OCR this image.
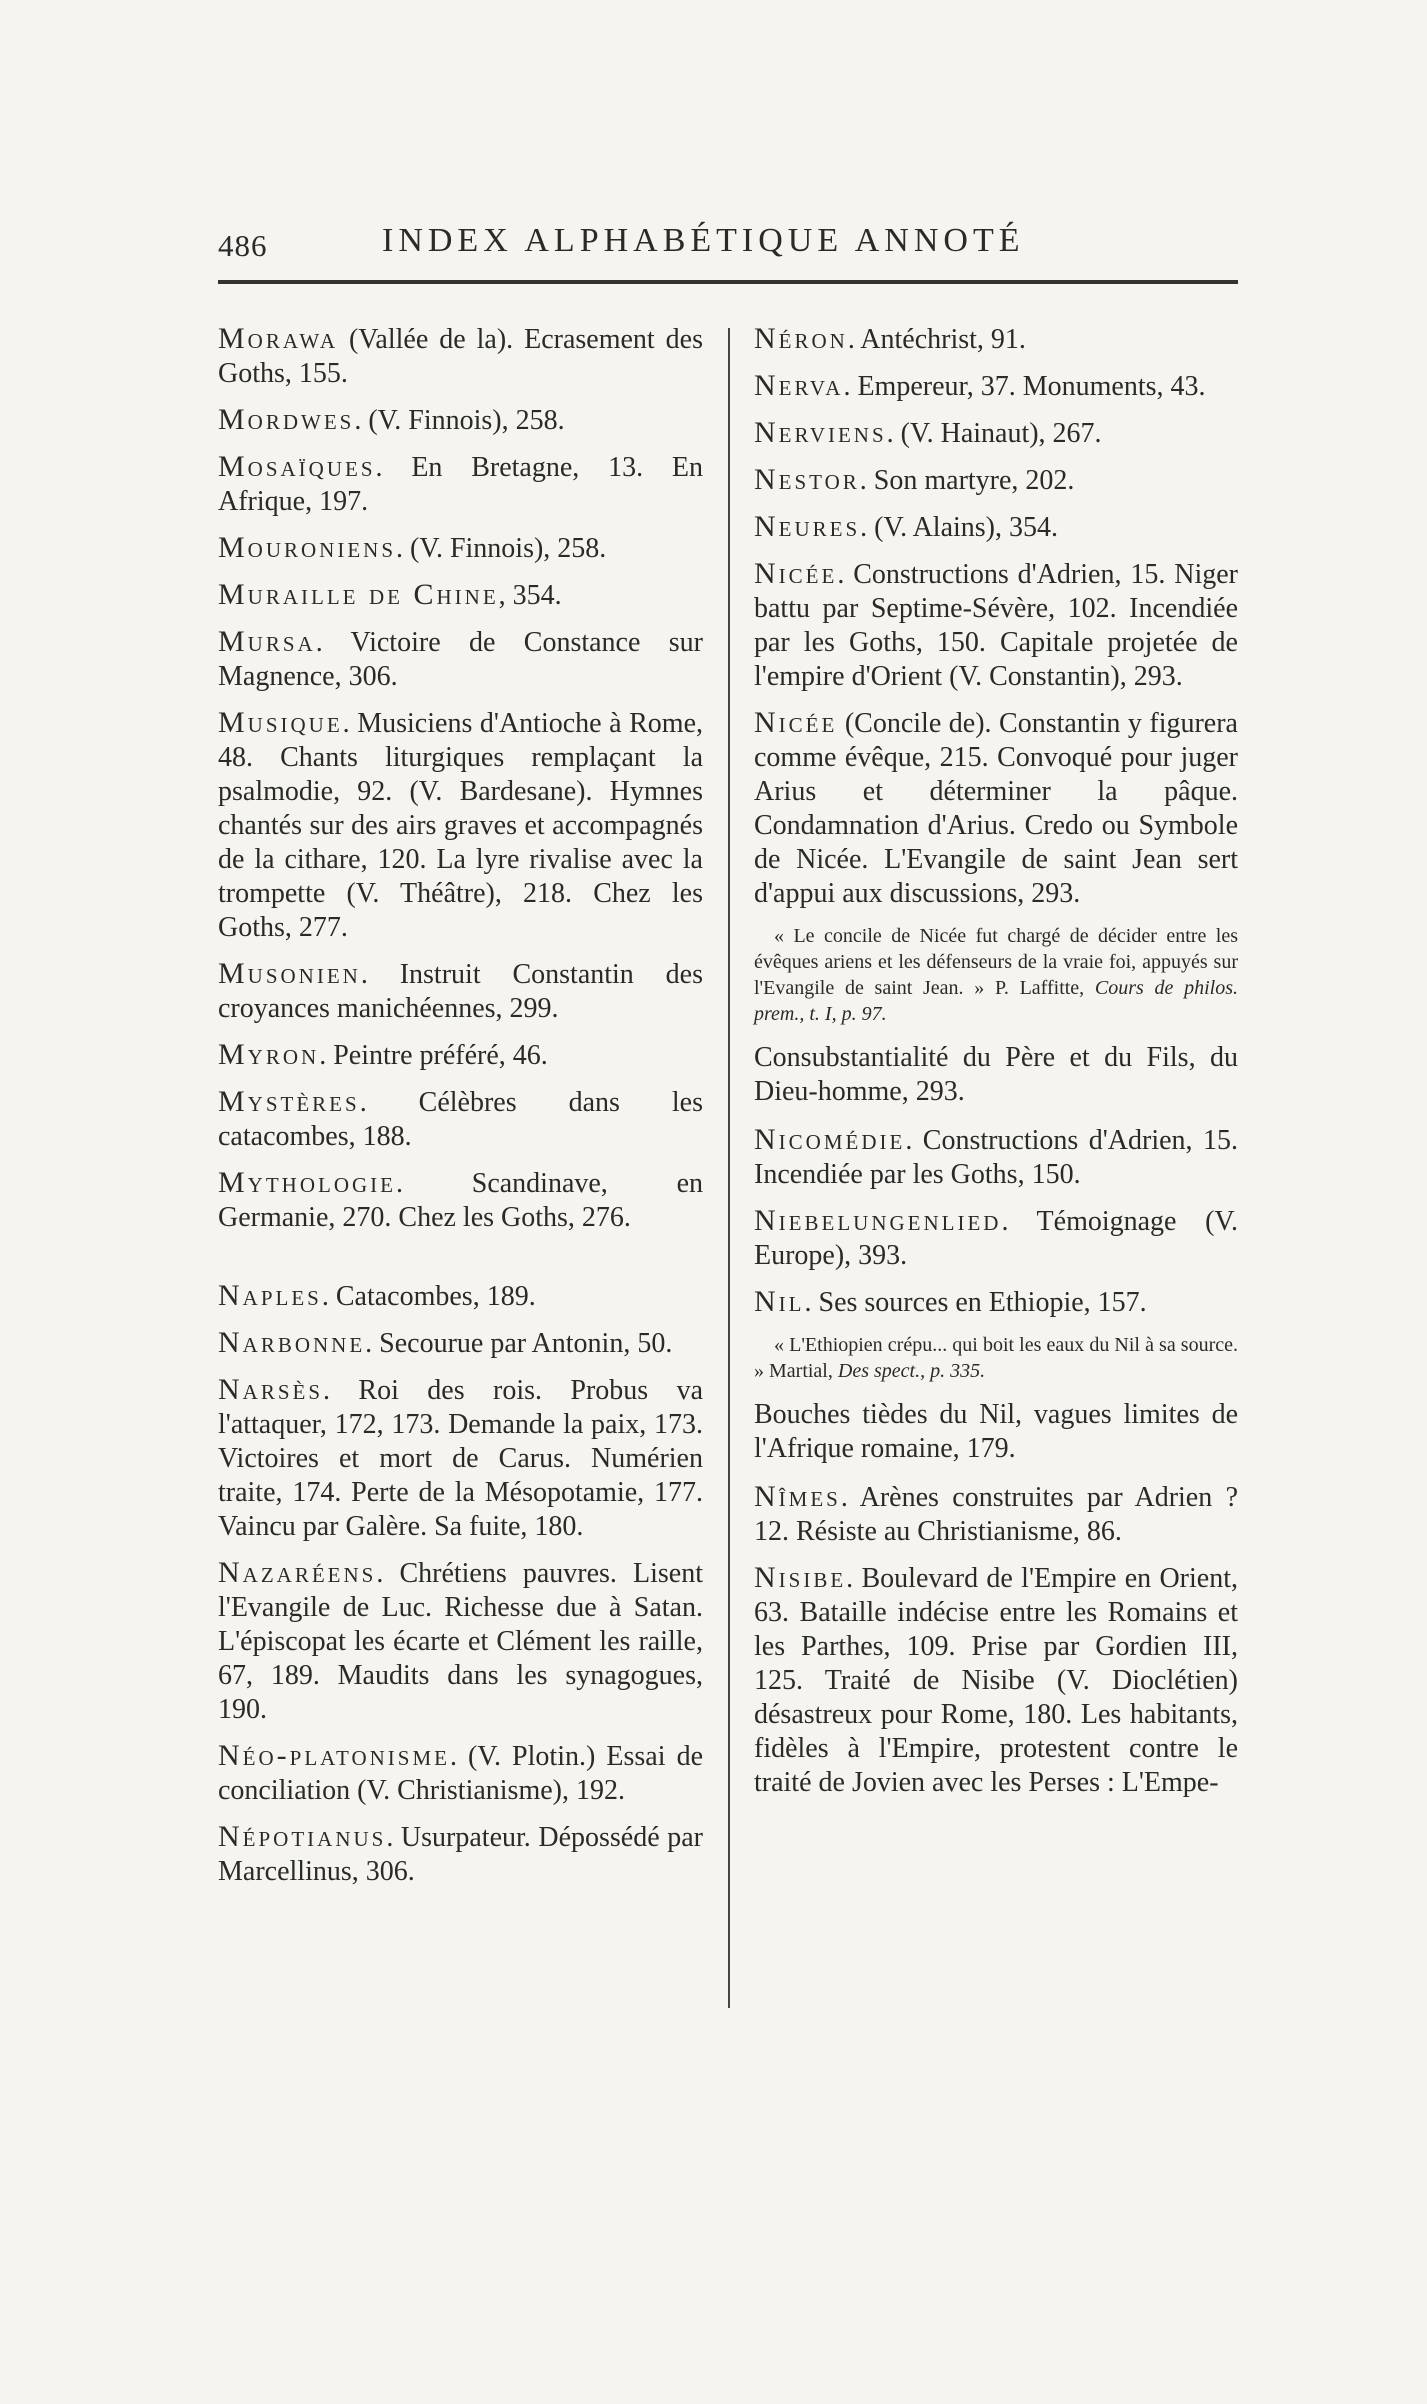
486	INDEX ALPHABÉTIQUE ANNOTÉ
Morawa (Vallée de la). Ecrasement des Goths, 155.
Mordwes. (V. Finnois), 258.
Mosaïques. En Bretagne, 13. En Afrique, 197.
Mouroniens. (V. Finnois), 258.
Muraille de Chine, 354.
Mursa. Victoire de Constance sur Magnence, 306.
Musique. Musiciens d'Antioche à Rome, 48. Chants liturgiques remplaçant la psalmodie, 92. (V. Bardesane). Hymnes chantés sur des airs graves et accompagnés de la cithare, 120. La lyre rivalise avec la trompette (V. Théâtre), 218. Chez les Goths, 277.
Musonien. Instruit Constantin des croyances manichéennes, 299.
Myron. Peintre préféré, 46.
Mystères. Célèbres dans les catacombes, 188.
Mythologie. Scandinave, en Germanie, 270. Chez les Goths, 276.
Naples. Catacombes, 189.
Narbonne. Secourue par Antonin, 50.
Narsès. Roi des rois. Probus va l'attaquer, 172, 173. Demande la paix, 173. Victoires et mort de Carus. Numérien traite, 174. Perte de la Mésopotamie, 177. Vaincu par Galère. Sa fuite, 180.
Nazaréens. Chrétiens pauvres. Lisent l'Evangile de Luc. Richesse due à Satan. L'épiscopat les écarte et Clément les raille, 67, 189. Maudits dans les synagogues, 190.
Néo-platonisme. (V. Plotin.) Essai de conciliation (V. Christianisme), 192.
Népotianus. Usurpateur. Dépossédé par Marcellinus, 306.
Néron. Antéchrist, 91.
Nerva. Empereur, 37. Monuments, 43.
Nerviens. (V. Hainaut), 267.
Nestor. Son martyre, 202.
Neures. (V. Alains), 354.
Nicée. Constructions d'Adrien, 15. Niger battu par Septime-Sévère, 102. Incendiée par les Goths, 150. Capitale projetée de l'empire d'Orient (V. Constantin), 293.
Nicée (Concile de). Constantin y figurera comme évêque, 215. Convoqué pour juger Arius et déterminer la pâque. Condamnation d'Arius. Credo ou Symbole de Nicée. L'Evangile de saint Jean sert d'appui aux discussions, 293.
« Le concile de Nicée fut chargé de décider entre les évêques ariens et les défenseurs de la vraie foi, appuyés sur l'Evangile de saint Jean. » P. Laffitte, Cours de philos. prem., t. I, p. 97.
Consubstantialité du Père et du Fils, du Dieu-homme, 293.
Nicomédie. Constructions d'Adrien, 15. Incendiée par les Goths, 150.
Niebelungenlied. Témoignage (V. Europe), 393.
Nil. Ses sources en Ethiopie, 157.
« L'Ethiopien crépu... qui boit les eaux du Nil à sa source. » Martial, Des spect., p. 335.
Bouches tièdes du Nil, vagues limites de l'Afrique romaine, 179.
Nîmes. Arènes construites par Adrien ? 12. Résiste au Christianisme, 86.
Nisibe. Boulevard de l'Empire en Orient, 63. Bataille indécise entre les Romains et les Parthes, 109. Prise par Gordien III, 125. Traité de Nisibe (V. Dioclétien) désastreux pour Rome, 180. Les habitants, fidèles à l'Empire, protestent contre le traité de Jovien avec les Perses : L'Empe-
